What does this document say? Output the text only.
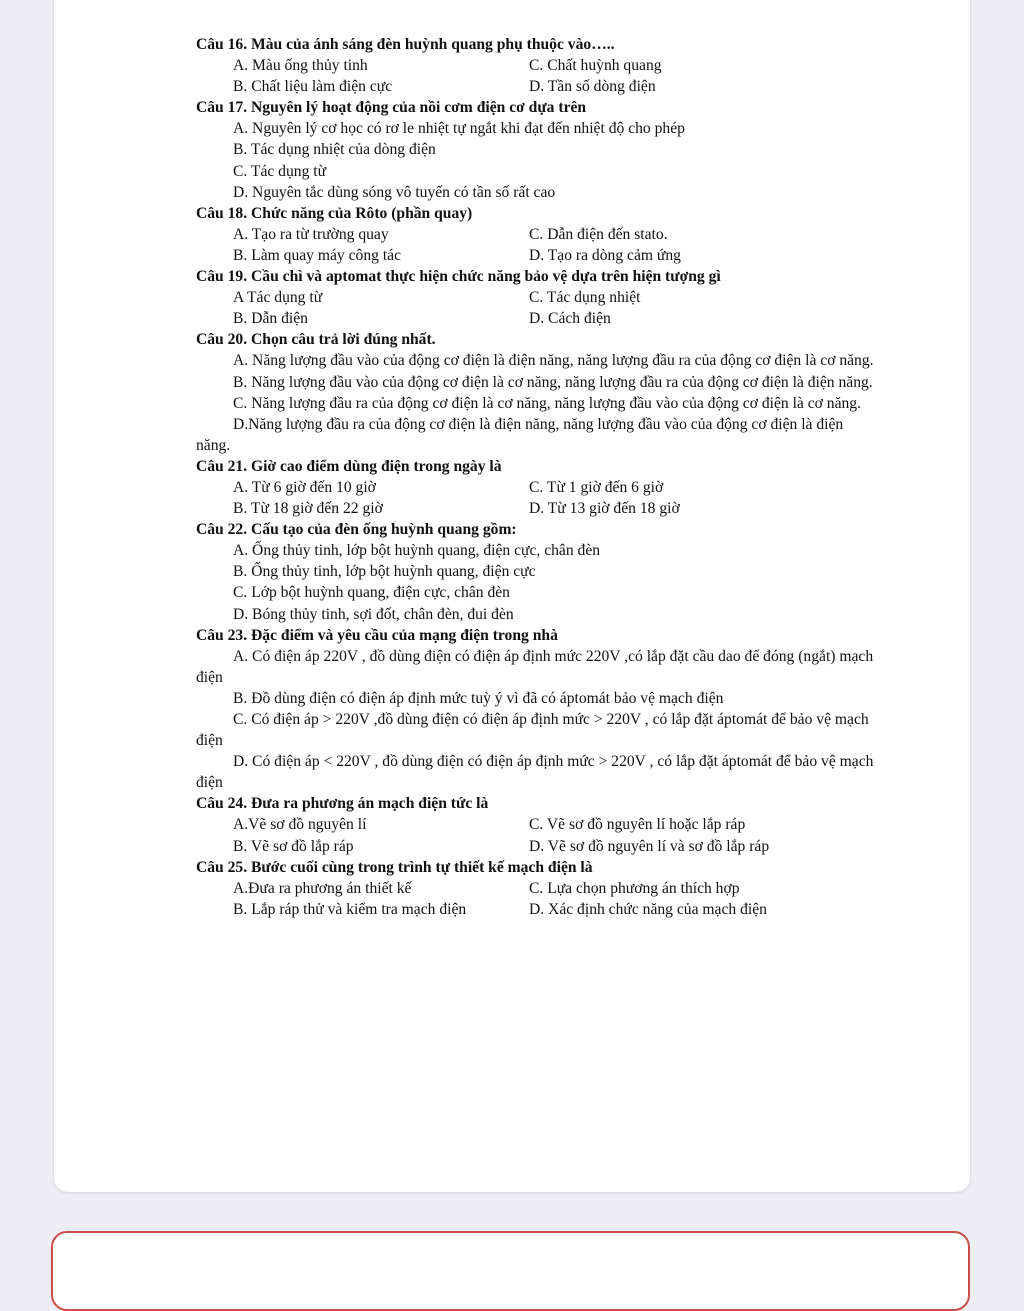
Câu 16. Màu của ánh sáng đèn huỳnh quang phụ thuộc vào…..
A. Màu ống thủy tinh	C. Chất huỳnh quang
B. Chất liệu làm điện cực	D. Tần số dòng điện
Câu 17. Nguyên lý hoạt động của nồi cơm điện cơ dựa trên
A. Nguyên lý cơ học có rơ le nhiệt tự ngắt khi đạt đến nhiệt độ cho phép
B. Tác dụng nhiệt của dòng điện
C. Tác dụng từ
D. Nguyên tắc dùng sóng vô tuyến có tần số rất cao
Câu 18. Chức năng của Rôto (phần quay)
A. Tạo ra từ trường quay	C. Dẫn điện đến stato.
B. Làm quay máy công tác	D. Tạo ra dòng cảm ứng
Câu 19. Cầu chì và aptomat thực hiện chức năng bảo vệ dựa trên hiện tượng gì
A Tác dụng từ	C. Tác dụng nhiệt
B. Dẫn điện	D. Cách điện
Câu 20. Chọn câu trả lời đúng nhất.
A. Năng lượng đầu vào của động cơ điện là điện năng, năng lượng đầu ra của động cơ điện là cơ năng.
B. Năng lượng đầu vào của động cơ điện là cơ năng, năng lượng đầu ra của động cơ điện là điện năng.
C. Năng lượng đầu ra của động cơ điện là cơ năng, năng lượng đầu vào của động cơ điện là cơ năng.
D.Năng lượng đầu ra của động cơ điện là điện năng, năng lượng đầu vào của động cơ điện là điện năng.
Câu 21. Giờ cao điểm dùng điện trong ngày là
A. Từ 6 giờ đến 10 giờ	C. Từ 1 giờ đến 6 giờ
B. Từ 18 giờ đến 22 giờ	D. Từ 13 giờ đến 18 giờ
Câu 22. Cấu tạo của đèn ống huỳnh quang gồm:
A. Ống thủy tinh, lớp bột huỳnh quang, điện cực, chân đèn
B. Ống thủy tinh, lớp bột huỳnh quang, điện cực
C. Lớp bột huỳnh quang, điện cực, chân đèn
D. Bóng thủy tinh, sợi đốt, chân đèn, đui đèn
Câu 23. Đặc điểm và yêu cầu của mạng điện trong nhà
A. Có điện áp 220V , đồ dùng điện có điện áp định mức 220V ,có lắp đặt cầu dao để đóng (ngắt) mạch điện
B. Đồ dùng điện có điện áp định mức tuỳ ý vì đã có áptomát bảo vệ mạch điện
C. Có điện áp > 220V ,đồ dùng điện có điện áp định mức > 220V , có lắp đặt áptomát để bảo vệ mạch điện
D. Có điện áp < 220V , đồ dùng điện có điện áp định mức > 220V , có lắp đặt áptomát để bảo vệ mạch điện
Câu 24. Đưa ra phương án mạch điện tức là
A.Vẽ sơ đồ nguyên lí	C. Vẽ sơ đồ nguyên lí hoặc lắp ráp
B. Vẽ sơ đồ lắp ráp	D. Vẽ sơ đồ nguyên lí và sơ đồ lắp ráp
Câu 25. Bước cuối cùng trong trình tự thiết kế mạch điện là
A.Đưa ra phương án thiết kế	C. Lựa chọn phương án thích hợp
B. Lắp ráp thử và kiểm tra mạch điện	D. Xác định chức năng của mạch điện
